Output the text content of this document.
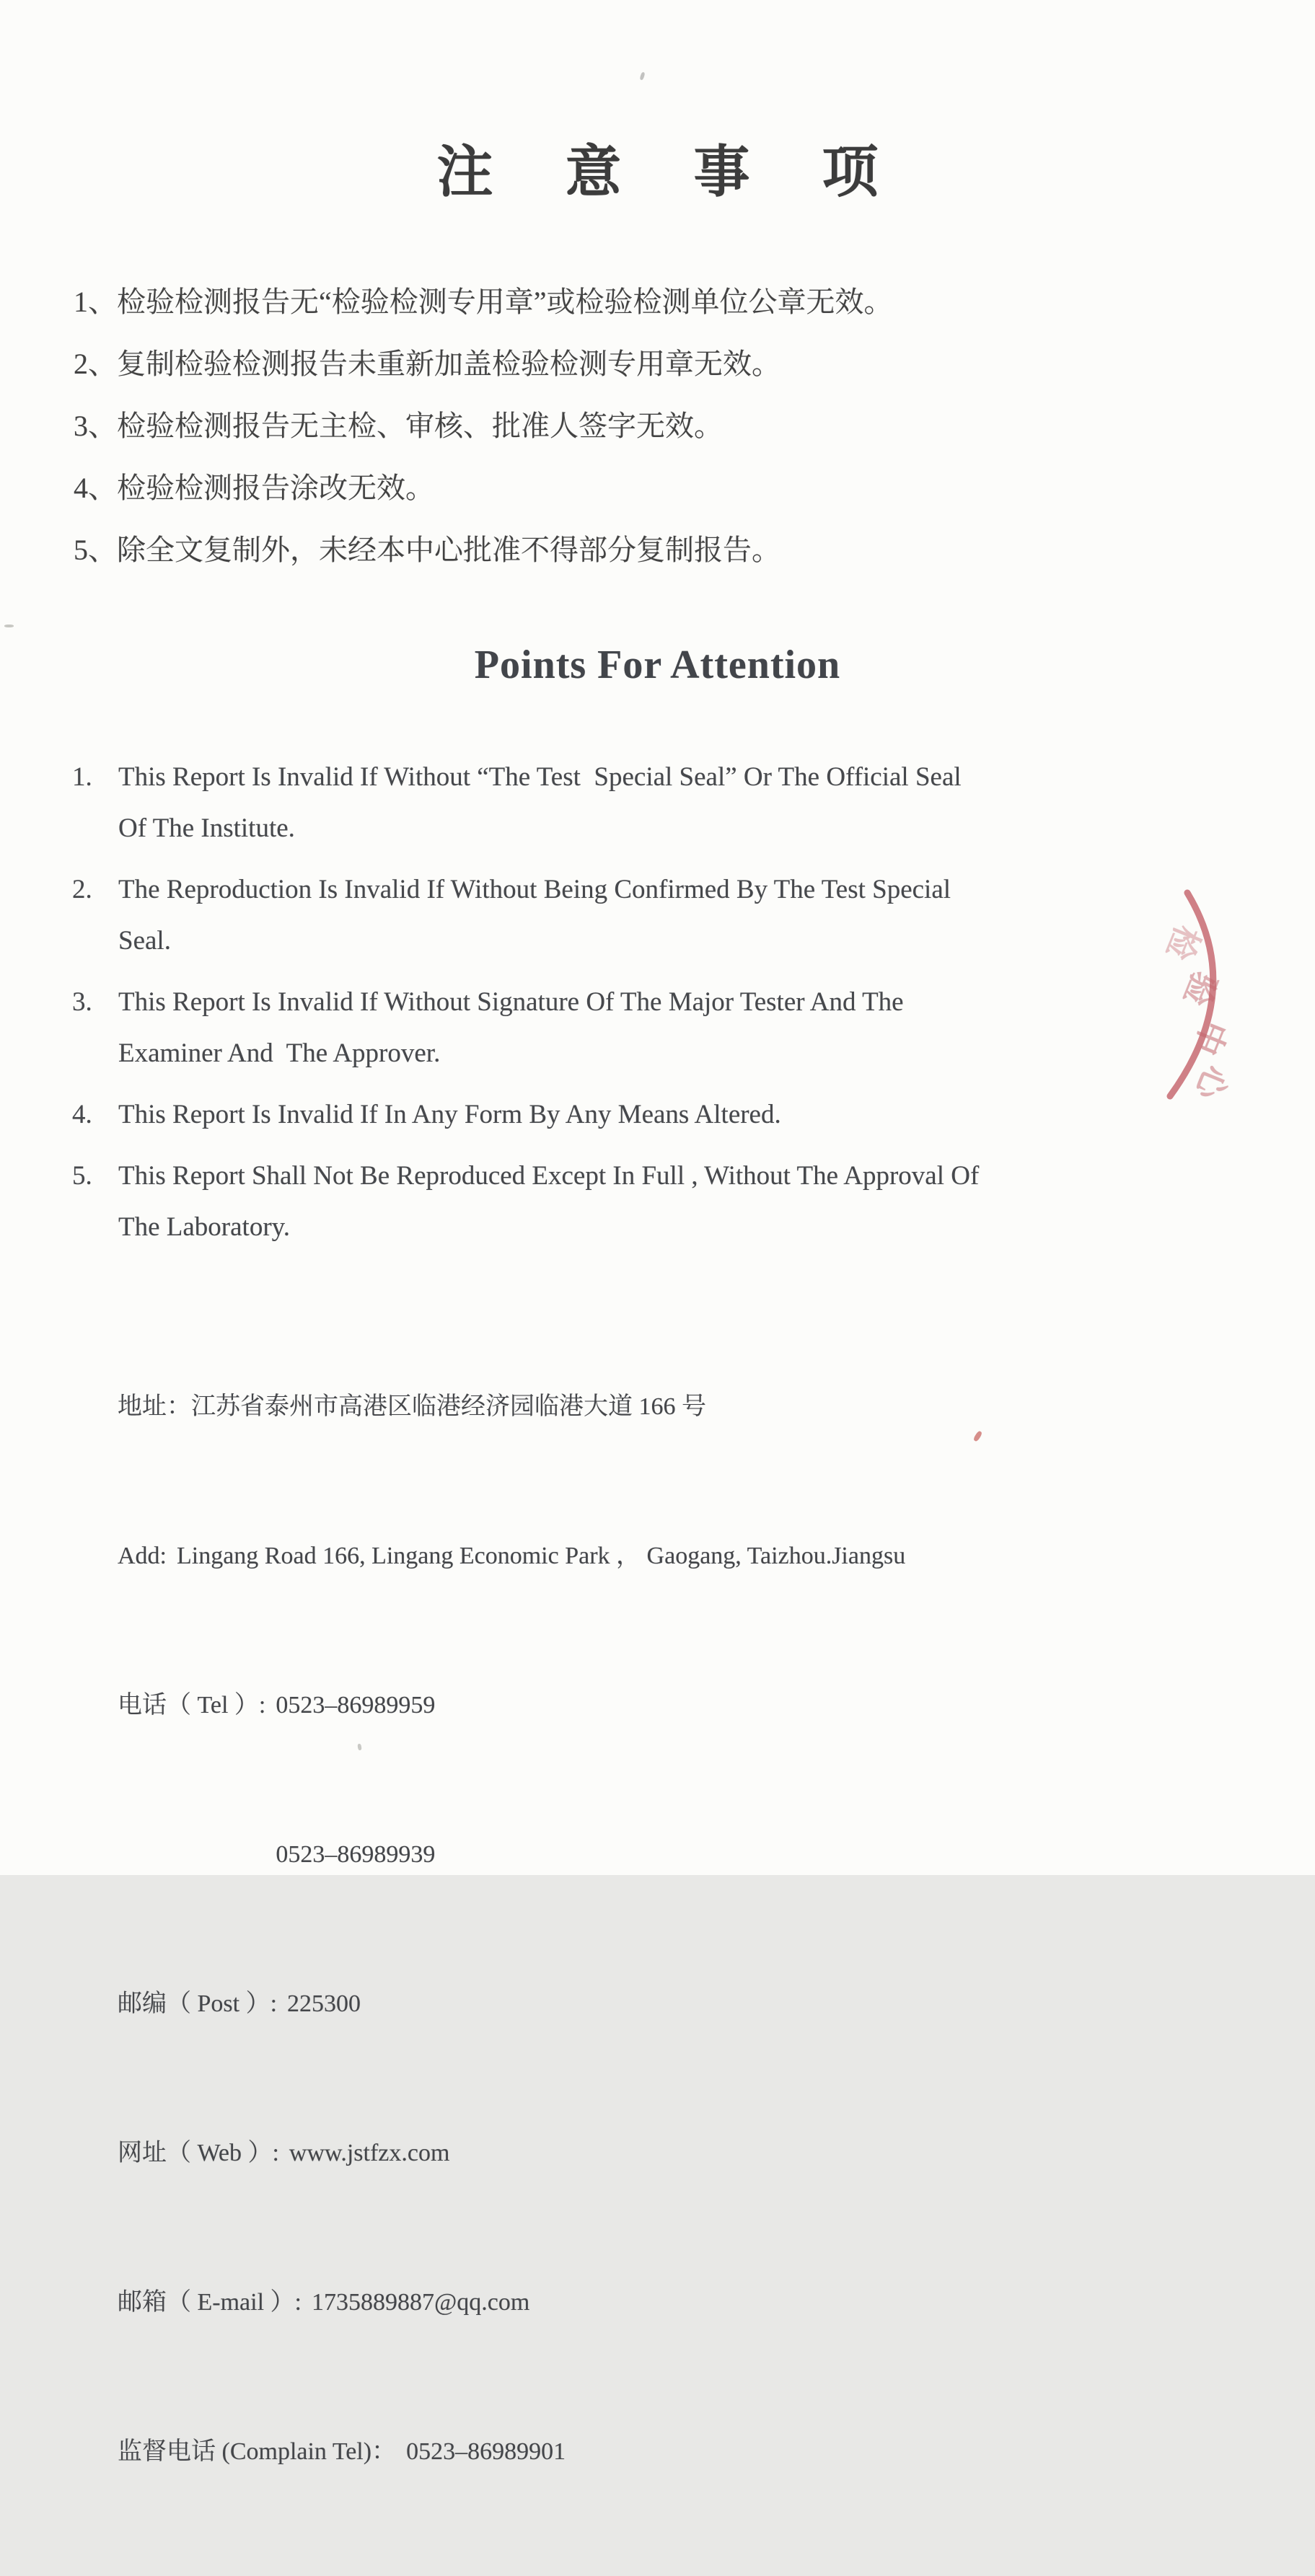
注意事项
1、检验检测报告无“检验检测专用章”或检验检测单位公章无效。
2、复制检验检测报告未重新加盖检验检测专用章无效。
3、检验检测报告无主检、审核、批准人签字无效。
4、检验检测报告涂改无效。
5、除全文复制外，未经本中心批准不得部分复制报告。
Points For Attention
1. This Report Is Invalid If Without “The Test  Special Seal” Or The Official Seal
Of The Institute.
2. The Reproduction Is Invalid If Without Being Confirmed By The Test Special
Seal.
3. This Report Is Invalid If Without Signature Of The Major Tester And The
Examiner And  The Approver.
4. This Report Is Invalid If In Any Form By Any Means Altered.
5. This Report Shall Not Be Reproduced Except In Full , Without The Approval Of
The Laboratory.

地址：江苏省泰州市高港区临港经济园临港大道 166 号

Add: Lingang Road 166, Lingang Economic Park ， Gaogang, Taizhou.Jiangsu

电话（ Tel ）: 0523–86989959

0523–86989939

邮编（ Post ）: 225300

网址（ Web ）: www.jstfzx.com

邮箱（ E-mail ）: 1735889887@qq.com

监督电话 (Complain Tel)： 0523–86989901

检
验
中
心
